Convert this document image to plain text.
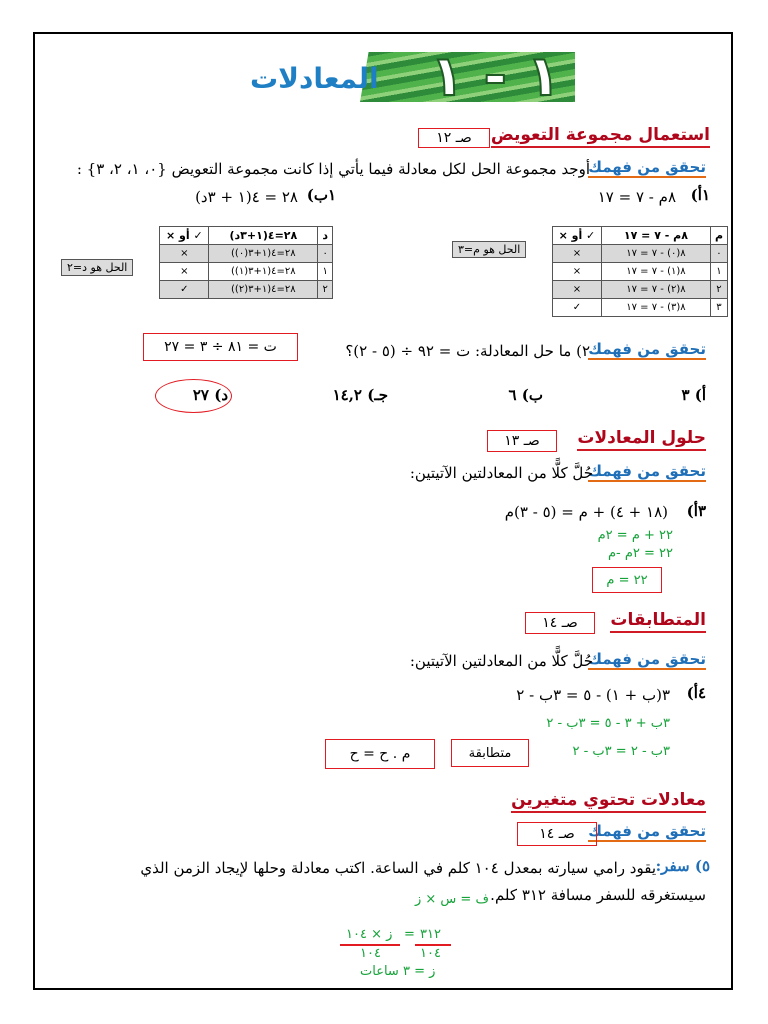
١ - ١
المعادلات
استعمال مجموعة التعويض
صـ ١٢
تحقق من فهمك
أوجد مجموعة الحل لكل معادلة فيما يأتي إذا كانت مجموعة التعويض {٠، ١، ٢، ٣} :
١أ)
٨م - ٧ = ١٧
١ب)
٢٨ = ٤(١ + ٣د)
م	٨م - ٧ = ١٧	✓ أو ×
٠	٨(٠) - ٧ = ١٧	×
١	٨(١) - ٧ = ١٧	×
٢	٨(٢) - ٧ = ١٧	×
٣	٨(٣) - ٧ = ١٧	✓
الحل هو م=٣
د	٢٨=٤(١+٣د)	✓ أو ×
٠	٢٨=٤(١+٣(٠))	×
١	٢٨=٤(١+٣(١))	×
٢	٢٨=٤(١+٣(٢))	✓
الحل هو د=٢
تحقق من فهمك
٢) ما حل المعادلة: ت = ٩٢ ÷ (٥ - ٢)؟
ت = ٨١ ÷ ٣ = ٢٧
أ) ٣
ب) ٦
جـ) ١٤,٢
د) ٢٧
حلول المعادلات
صـ ١٣
تحقق من فهمك
حُلَّ كلًّا من المعادلتين الآتيتين:
٣أ)
١٨ + ٤) + م = (٥ - ٣)م)
٢٢ + م = ٢م
٢٢ = ٢م -م
٢٢ = م
المتطابقات
صـ ١٤
تحقق من فهمك
حُلَّ كلًّا من المعادلتين الآتيتين:
٤أ)
٣(ب + ١) - ٥ = ٣ب - ٢
٣ب + ٣ - ٥ = ٣ب - ٢
٣ب - ٢ = ٣ب - ٢
متطابقة
م . ح = ح
معادلات تحتوي متغيرين
تحقق من فهمك
صـ ١٤
٥) سفر:
يقود رامي سيارته بمعدل ١٠٤ كلم في الساعة. اكتب معادلة وحلها لإيجاد الزمن الذي
سيستغرقه للسفر مسافة ٣١٢ كلم.
ف = س × ز
ز × ١٠٤ = ٣١٢
١٠٤	١٠٤
ز = ٣ ساعات
